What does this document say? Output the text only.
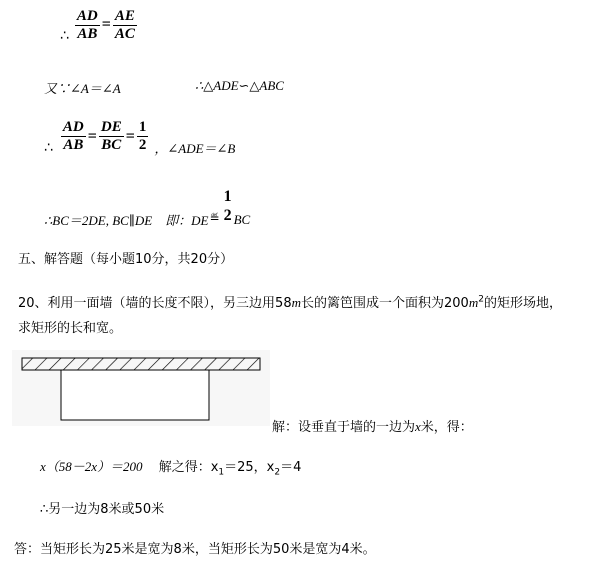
∴ $\frac{AD}{AB} = \frac{AE}{AC}$
又∵∠A＝∠A	∴△ADE∽△ABC
∴ $\frac{AD}{AB} = \frac{DE}{BC} = \frac{1}{2}$ ，∠ADE＝∠B
∴BC＝2DE, BC∥DE　即：DE ≝
1
2 BC
五、解答题（每小题10分，共20分）
20、利用一面墙（墙的长度不限），另三边用58m长的篱笆围成一个面积为$200m^2$的矩形场地，
求矩形的长和宽。
解：设垂直于墙的一边为x米，得：
x（58－2x）＝200 解之得：$x_1=25$，$x_2=4$
∴另一边为8米或50米
答：当矩形长为25米是宽为8米，当矩形长为50米是宽为4米。
